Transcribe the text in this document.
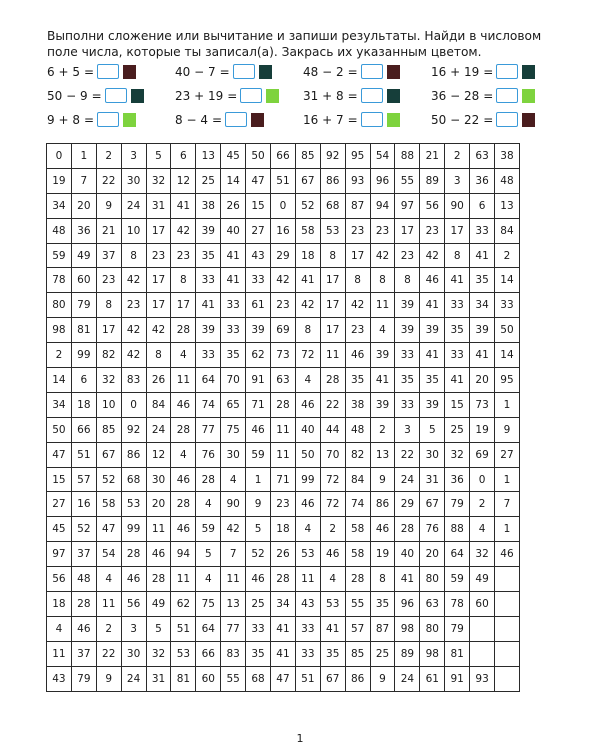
Выполни сложение или вычитание и запиши результаты. Найди в числовом поле числа, которые ты записал(а). Закрась их указанным цветом.

6 + 5 =	40 − 7 =	48 − 2 =	16 + 19 =
50 − 9 =	23 + 19 =	31 + 8 =	36 − 28 =
9 + 8 =	8 − 4 =	16 + 7 =	50 − 22 =
0	1	2	3	5	6	13	45	50	66	85	92	95	54	88	21	2	63	38
19	7	22	30	32	12	25	14	47	51	67	86	93	96	55	89	3	36	48
34	20	9	24	31	41	38	26	15	0	52	68	87	94	97	56	90	6	13
48	36	21	10	17	42	39	40	27	16	58	53	23	23	17	23	17	33	84
59	49	37	8	23	23	35	41	43	29	18	8	17	42	23	42	8	41	2
78	60	23	42	17	8	33	41	33	42	41	17	8	8	8	46	41	35	14
80	79	8	23	17	17	41	33	61	23	42	17	42	11	39	41	33	34	33
98	81	17	42	42	28	39	33	39	69	8	17	23	4	39	39	35	39	50
2	99	82	42	8	4	33	35	62	73	72	11	46	39	33	41	33	41	14
14	6	32	83	26	11	64	70	91	63	4	28	35	41	35	35	41	20	95
34	18	10	0	84	46	74	65	71	28	46	22	38	39	33	39	15	73	1
50	66	85	92	24	28	77	75	46	11	40	44	48	2	3	5	25	19	9
47	51	67	86	12	4	76	30	59	11	50	70	82	13	22	30	32	69	27
15	57	52	68	30	46	28	4	1	71	99	72	84	9	24	31	36	0	1
27	16	58	53	20	28	4	90	9	23	46	72	74	86	29	67	79	2	7
45	52	47	99	11	46	59	42	5	18	4	2	58	46	28	76	88	4	1
97	37	54	28	46	94	5	7	52	26	53	46	58	19	40	20	64	32	46
56	48	4	46	28	11	4	11	46	28	11	4	28	8	41	80	59	49	
18	28	11	56	49	62	75	13	25	34	43	53	55	35	96	63	78	60	
4	46	2	3	5	51	64	77	33	41	33	41	57	87	98	80	79		
11	37	22	30	32	53	66	83	35	41	33	35	85	25	89	98	81		
43	79	9	24	31	81	60	55	68	47	51	67	86	9	24	61	91	93	
1
